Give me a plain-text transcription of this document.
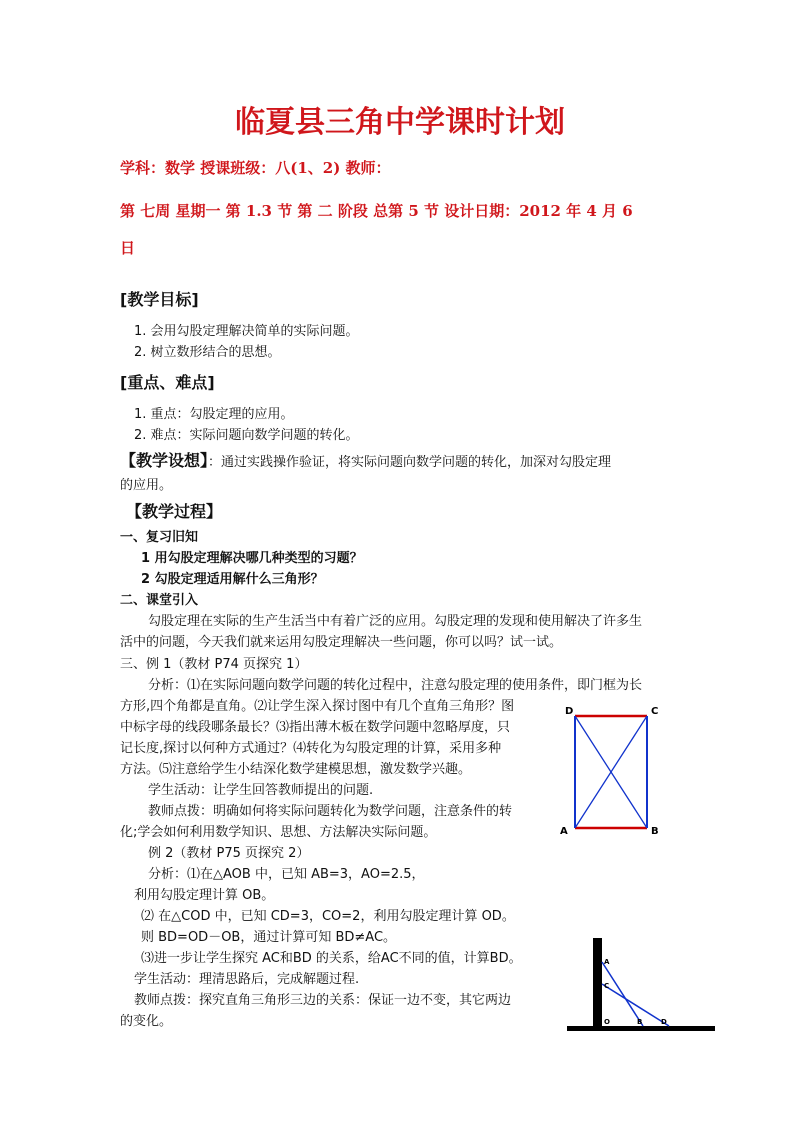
临夏县三角中学课时计划
学科：数学 授课班级：八(1、2) 教师：
第 七周 星期一 第 1.3 节 第 二 阶段 总第 5 节 设计日期：2012 年 4 月 6
日
[教学目标]
1. 会用勾股定理解决简单的实际问题。
2. 树立数形结合的思想。
[重点、难点]
1. 重点：勾股定理的应用。
2. 难点：实际问题向数学问题的转化。
【教学设想】：通过实践操作验证，将实际问题向数学问题的转化，加深对勾股定理
的应用。
【教学过程】
一、复习旧知
1 用勾股定理解决哪几种类型的习题？
2 勾股定理适用解什么三角形？
二、课堂引入
勾股定理在实际的生产生活当中有着广泛的应用。勾股定理的发现和使用解决了许多生
活中的问题，今天我们就来运用勾股定理解决一些问题，你可以吗？试一试。
三、例 1（教材 P74 页探究 1）
分析：⑴在实际问题向数学问题的转化过程中，注意勾股定理的使用条件，即门框为长
方形,四个角都是直角。⑵让学生深入探讨图中有几个直角三角形？图
中标字母的线段哪条最长？⑶指出薄木板在数学问题中忽略厚度，只
记长度,探讨以何种方式通过？⑷转化为勾股定理的计算，采用多种
方法。⑸注意给学生小结深化数学建模思想，激发数学兴趣。
学生活动：让学生回答教师提出的问题.
教师点拨：明确如何将实际问题转化为数学问题，注意条件的转
化;学会如何利用数学知识、思想、方法解决实际问题。
例 2（教材 P75 页探究 2）
分析：⑴在△AOB 中，已知 AB=3，AO=2.5，
利用勾股定理计算 OB。
⑵ 在△COD 中，已知 CD=3，CO=2，利用勾股定理计算 OD。
则 BD=OD－OB，通过计算可知 BD≠AC。
⑶进一步让学生探究 AC和BD 的关系，给AC不同的值，计算BD。
学生活动：理清思路后，完成解题过程.
教师点拨：探究直角三角形三边的关系：保证一边不变，其它两边
的变化。
D	C
A	B
A
C
O	B	D
